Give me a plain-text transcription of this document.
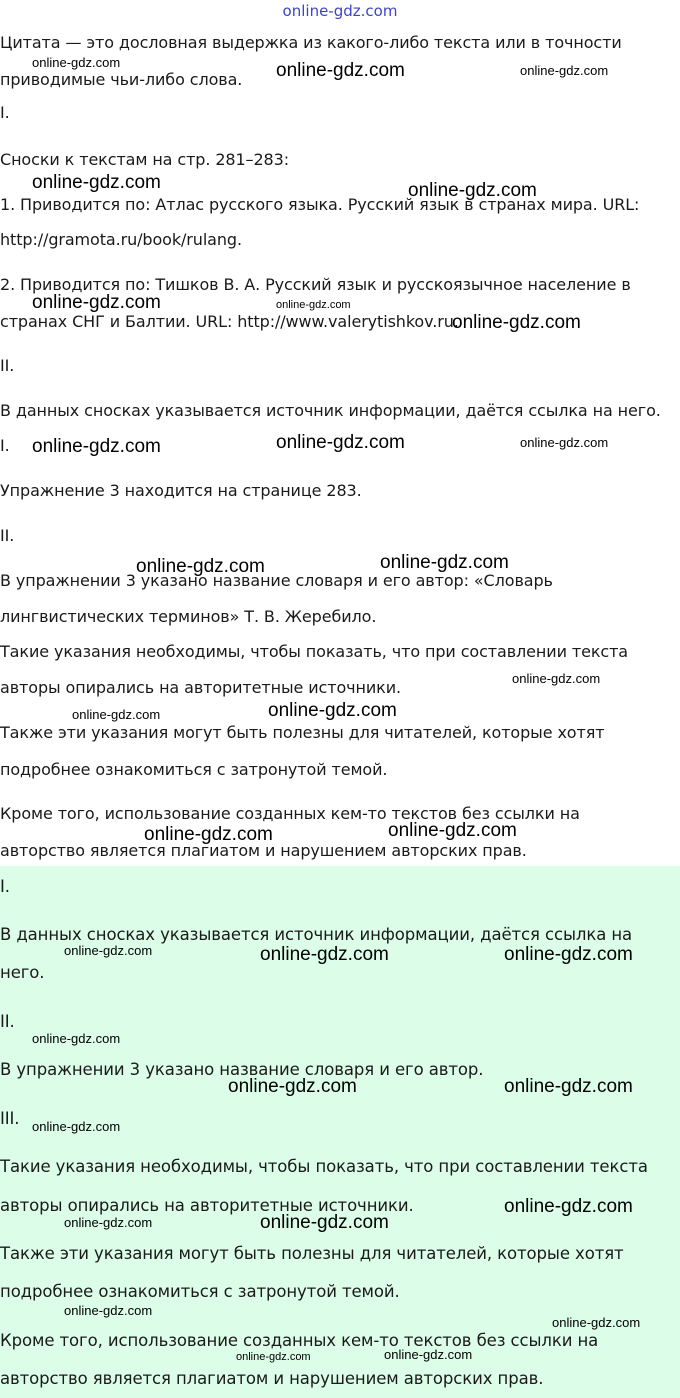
online-gdz.com
Цитата — это дословная выдержка из какого-либо текста или в точности
приводимые чьи-либо слова.
I.
Сноски к текстам на стр. 281–283:
1. Приводится по: Атлас русского языка. Русский язык в странах мира. URL:
http://gramota.ru/book/rulang.
2. Приводится по: Тишков В. А. Русский язык и русскоязычное население в
странах СНГ и Балтии. URL: http://www.valerytishkov.ru.
II.
В данных сносках указывается источник информации, даётся ссылка на него.
I.
Упражнение 3 находится на странице 283.
II.
В упражнении 3 указано название словаря и его автор: «Словарь
лингвистических терминов» Т. В. Жеребило.
Такие указания необходимы, чтобы показать, что при составлении текста
авторы опирались на авторитетные источники.
Также эти указания могут быть полезны для читателей, которые хотят
подробнее ознакомиться с затронутой темой.
Кроме того, использование созданных кем-то текстов без ссылки на
авторство является плагиатом и нарушением авторских прав.
I.
В данных сносках указывается источник информации, даётся ссылка на
него.
II.
В упражнении 3 указано название словаря и его автор.
III.
Такие указания необходимы, чтобы показать, что при составлении текста
авторы опирались на авторитетные источники.
Также эти указания могут быть полезны для читателей, которые хотят
подробнее ознакомиться с затронутой темой.
Кроме того, использование созданных кем-то текстов без ссылки на
авторство является плагиатом и нарушением авторских прав.
online-gdz.com	online-gdz.com	online-gdz.com
online-gdz.com	online-gdz.com
online-gdz.com	online-gdz.com
online-gdz.com
online-gdz.com	online-gdz.com	online-gdz.com
online-gdz.com	online-gdz.com
online-gdz.com
online-gdz.com	online-gdz.com
online-gdz.com	online-gdz.com
online-gdz.com	online-gdz.com	online-gdz.com
online-gdz.com
online-gdz.com	online-gdz.com
online-gdz.com
online-gdz.com
online-gdz.com	online-gdz.com
online-gdz.com
online-gdz.com
online-gdz.com	online-gdz.com
